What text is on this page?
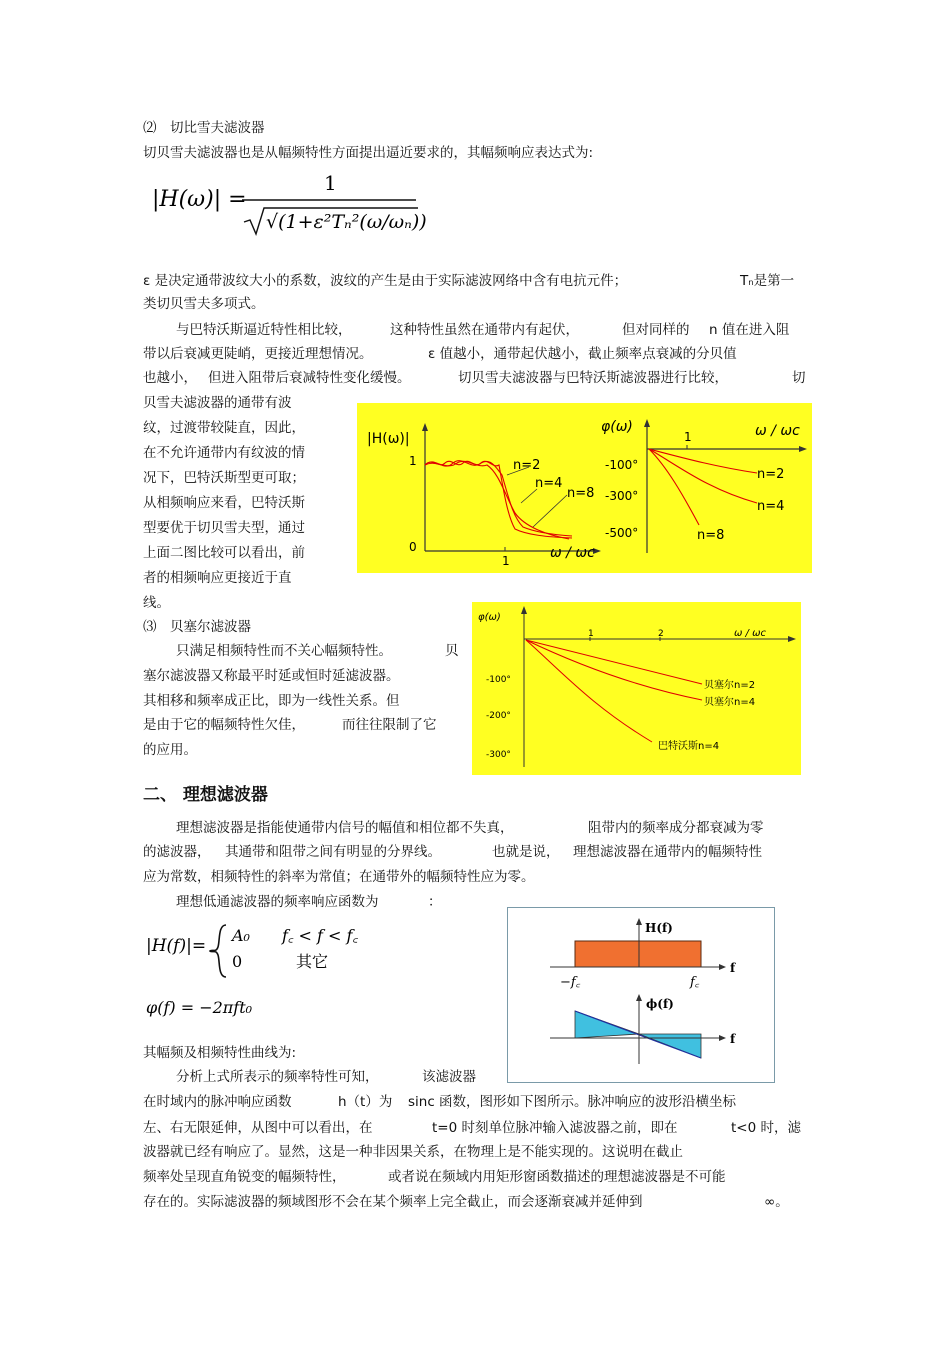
⑵　切比雪夫滤波器
切贝雪夫滤波器也是从幅频特性方面提出逼近要求的，其幅频响应表达式为:
|H(ω)| =
1
√(1+ε²Tₙ²(ω/ωₙ))
ε 是决定通带波纹大小的系数，波纹的产生是由于实际滤波网络中含有电抗元件；	Tₙ是第一
类切贝雪夫多项式。
与巴特沃斯逼近特性相比较，	这种特性虽然在通带内有起伏，	但对同样的 n 值在进入阻
带以后衰减更陡峭，更接近理想情况。	ε 值越小，通带起伏越小，截止频率点衰减的分贝值
也越小， 但进入阻带后衰减特性变化缓慢。	切贝雪夫滤波器与巴特沃斯滤波器进行比较，	切
贝雪夫滤波器的通带有波
纹，过渡带较陡直，因此，
在不允许通带内有纹波的情
况下，巴特沃斯型更可取；
从相频响应来看，巴特沃斯
型要优于切贝雪夫型，通过
上面二图比较可以看出，前
者的相频响应更接近于直
线。
|H(ω)|
1
0
1	ω / ωc
n=2
n=4
n=8
φ(ω)
1	ω / ωc
-100°
-300°
-500°
n=2
n=4
n=8
⑶　贝塞尔滤波器
只满足相频特性而不关心幅频特性。	贝
塞尔滤波器又称最平时延或恒时延滤波器。
其相移和频率成正比，即为一线性关系。但
是由于它的幅频特性欠佳，	而往往限制了它
的应用。
φ(ω)
1	2	ω / ωc
-100°
-200°
-300°
贝塞尔n=2
贝塞尔n=4
巴特沃斯n=4
二、 理想滤波器
理想滤波器是指能使通带内信号的幅值和相位都不失真，	阻带内的频率成分都衰减为零
的滤波器， 其通带和阻带之间有明显的分界线。	也就是说， 理想滤波器在通带内的幅频特性
应为常数，相频特性的斜率为常值；在通带外的幅频特性应为零。
理想低通滤波器的频率响应函数为	：
|H(f)|=
A₀ f꜀ < f < f꜀
0	其它
φ(f) = −2πft₀
其幅频及相频特性曲线为:
分析上式所表示的频率特性可知，	该滤波器
在时域内的脉冲响应函数	h（t）为 sinc 函数，图形如下图所示。脉冲响应的波形沿横坐标
左、右无限延伸，从图中可以看出，在	t=0 时刻单位脉冲输入滤波器之前，即在	t<0 时，滤
波器就已经有响应了。显然，这是一种非因果关系，在物理上是不能实现的。这说明在截止
频率处呈现直角锐变的幅频特性，	或者说在频域内用矩形窗函数描述的理想滤波器是不可能
存在的。实际滤波器的频域图形不会在某个频率上完全截止，而会逐渐衰减并延伸到	∞。
H(f)
f
−f꜀	f꜀
ϕ(f)
f
